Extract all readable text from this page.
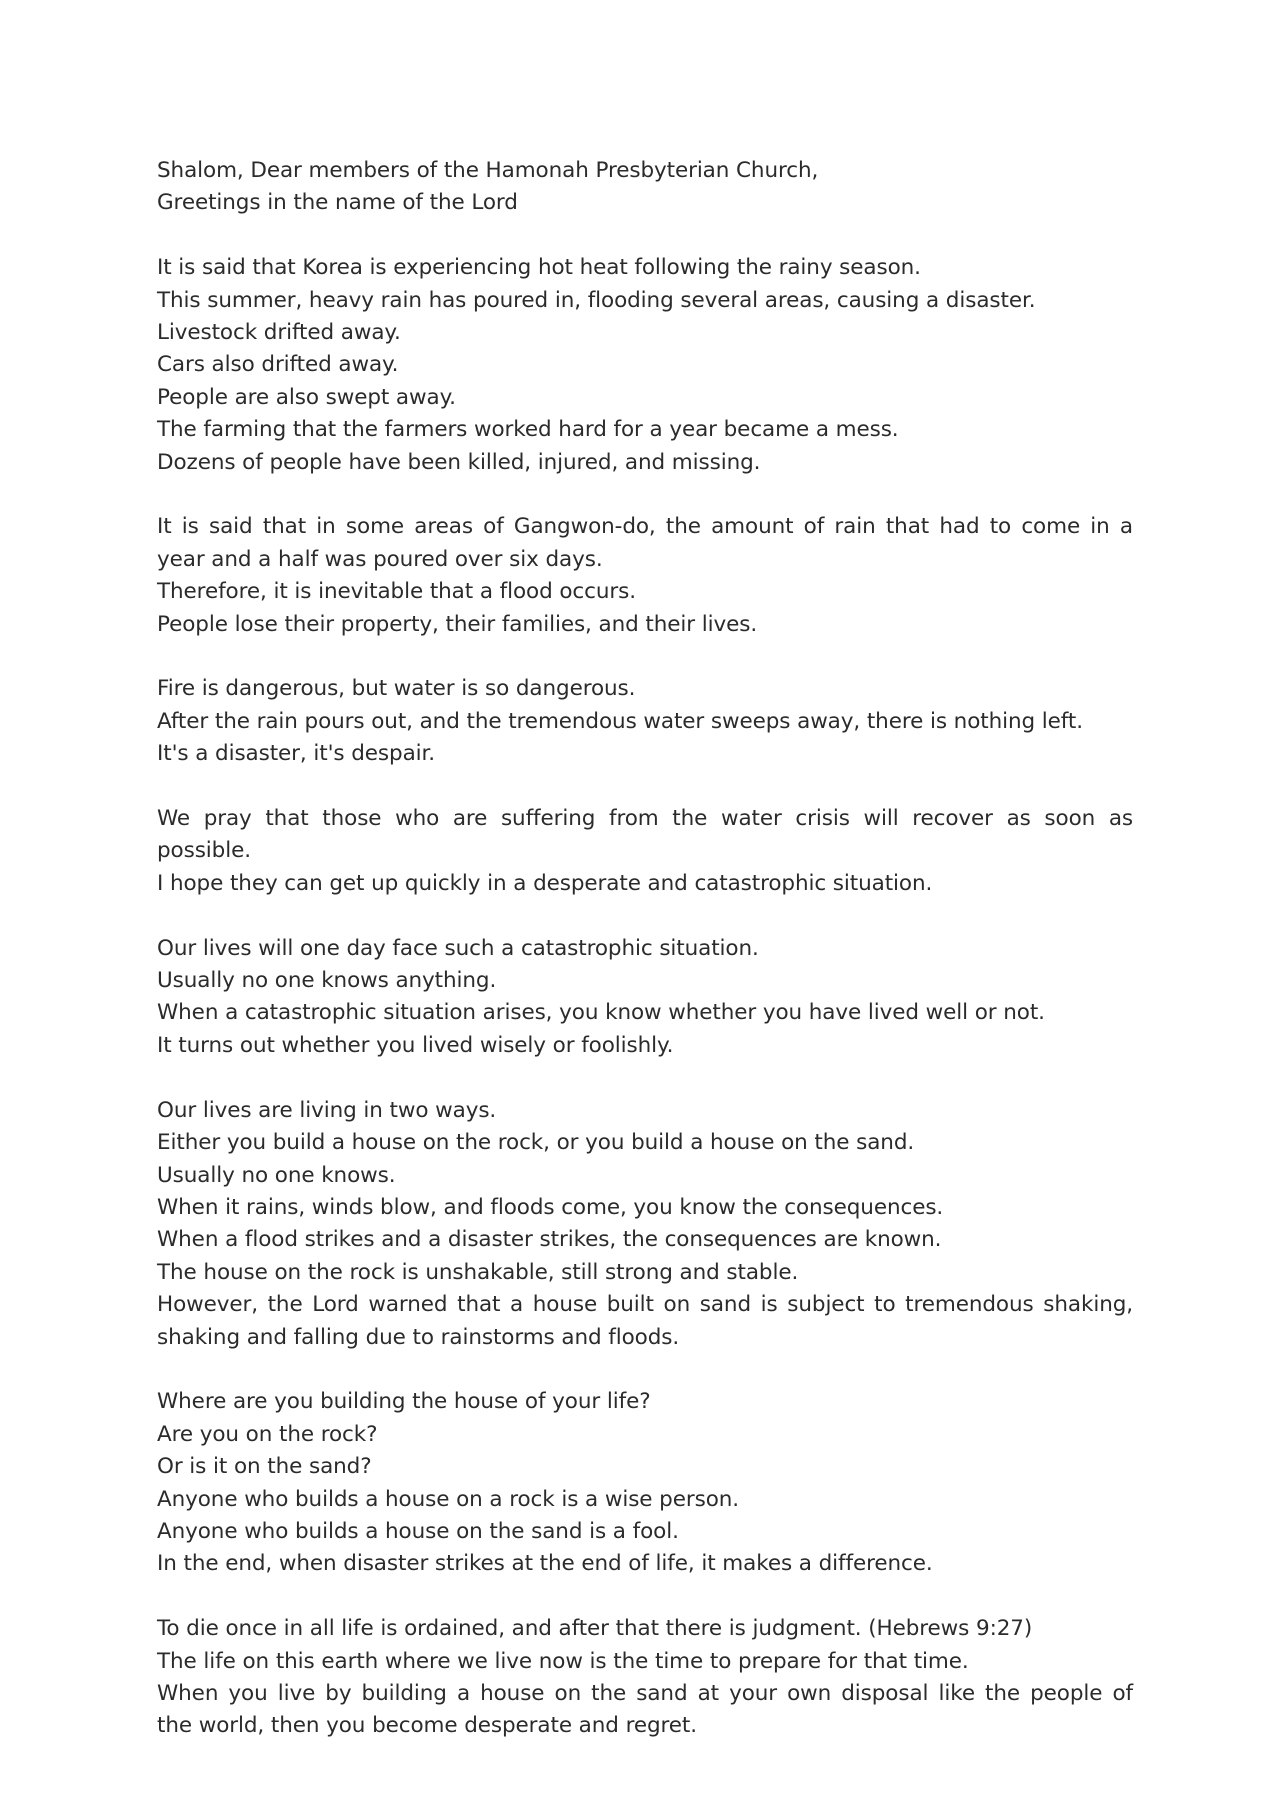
Shalom, Dear members of the Hamonah Presbyterian Church,
Greetings in the name of the Lord
It is said that Korea is experiencing hot heat following the rainy season.
This summer, heavy rain has poured in, flooding several areas, causing a disaster.
Livestock drifted away.
Cars also drifted away.
People are also swept away.
The farming that the farmers worked hard for a year became a mess.
Dozens of people have been killed, injured, and missing.
It is said that in some areas of Gangwon-do, the amount of rain that had to come in a
year and a half was poured over six days.
Therefore, it is inevitable that a flood occurs.
People lose their property, their families, and their lives.
Fire is dangerous, but water is so dangerous.
After the rain pours out, and the tremendous water sweeps away, there is nothing left.
It's a disaster, it's despair.
We pray that those who are suffering from the water crisis will recover as soon as
possible.
I hope they can get up quickly in a desperate and catastrophic situation.
Our lives will one day face such a catastrophic situation.
Usually no one knows anything.
When a catastrophic situation arises, you know whether you have lived well or not.
It turns out whether you lived wisely or foolishly.
Our lives are living in two ways.
Either you build a house on the rock, or you build a house on the sand.
Usually no one knows.
When it rains, winds blow, and floods come, you know the consequences.
When a flood strikes and a disaster strikes, the consequences are known.
The house on the rock is unshakable, still strong and stable.
However, the Lord warned that a house built on sand is subject to tremendous shaking,
shaking and falling due to rainstorms and floods.
Where are you building the house of your life?
Are you on the rock?
Or is it on the sand?
Anyone who builds a house on a rock is a wise person.
Anyone who builds a house on the sand is a fool.
In the end, when disaster strikes at the end of life, it makes a difference.
To die once in all life is ordained, and after that there is judgment. (Hebrews 9:27)
The life on this earth where we live now is the time to prepare for that time.
When you live by building a house on the sand at your own disposal like the people of
the world, then you become desperate and regret.
